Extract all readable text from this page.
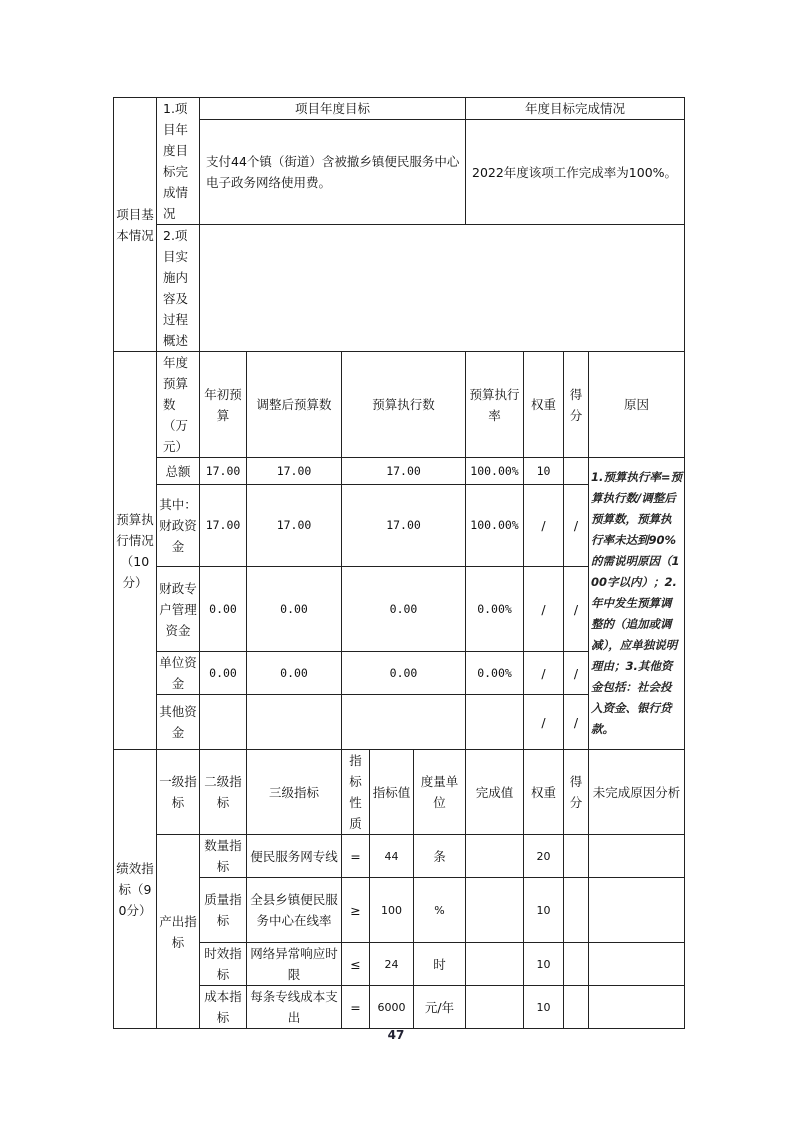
项目基本情况	1.项目年度目标完成情况	项目年度目标					年度目标完成情况			
		支付44个镇（街道）含被撤乡镇便民服务中心电子政务网络使用费。					2022年度该项工作完成率为100%。			
	2.项目实施内容及过程概述									
预算执行情况（10分）	年度预算数（万元）	年初预算	调整后预算数	预算执行数			预算执行率	权重	得分	原因
	总额	17.00	17.00	17.00			100.00%	10		1.预算执行率=预算执行数/调整后预算数，预算执行率未达到90%的需说明原因（100字以内）；2.年中发生预算调整的（追加或调减），应单独说明理由；3.其他资金包括：社会投入资金、银行贷款。
	其中：财政资金	17.00	17.00	17.00			100.00%	/	/	
	财政专户管理资金	0.00	0.00	0.00			0.00%	/	/	
	单位资金	0.00	0.00	0.00			0.00%	/	/	
	其他资金							/	/	
绩效指标（90分）	一级指标	二级指标	三级指标	指标性质	指标值	度量单位	完成值	权重	得分	未完成原因分析
	产出指标	数量指标	便民服务网专线	=	44	条		20		
		质量指标	全县乡镇便民服务中心在线率	≥	100	%		10		
		时效指标	网络异常响应时限	≤	24	时		10		
		成本指标	每条专线成本支出	=	6000	元/年		10		
47
